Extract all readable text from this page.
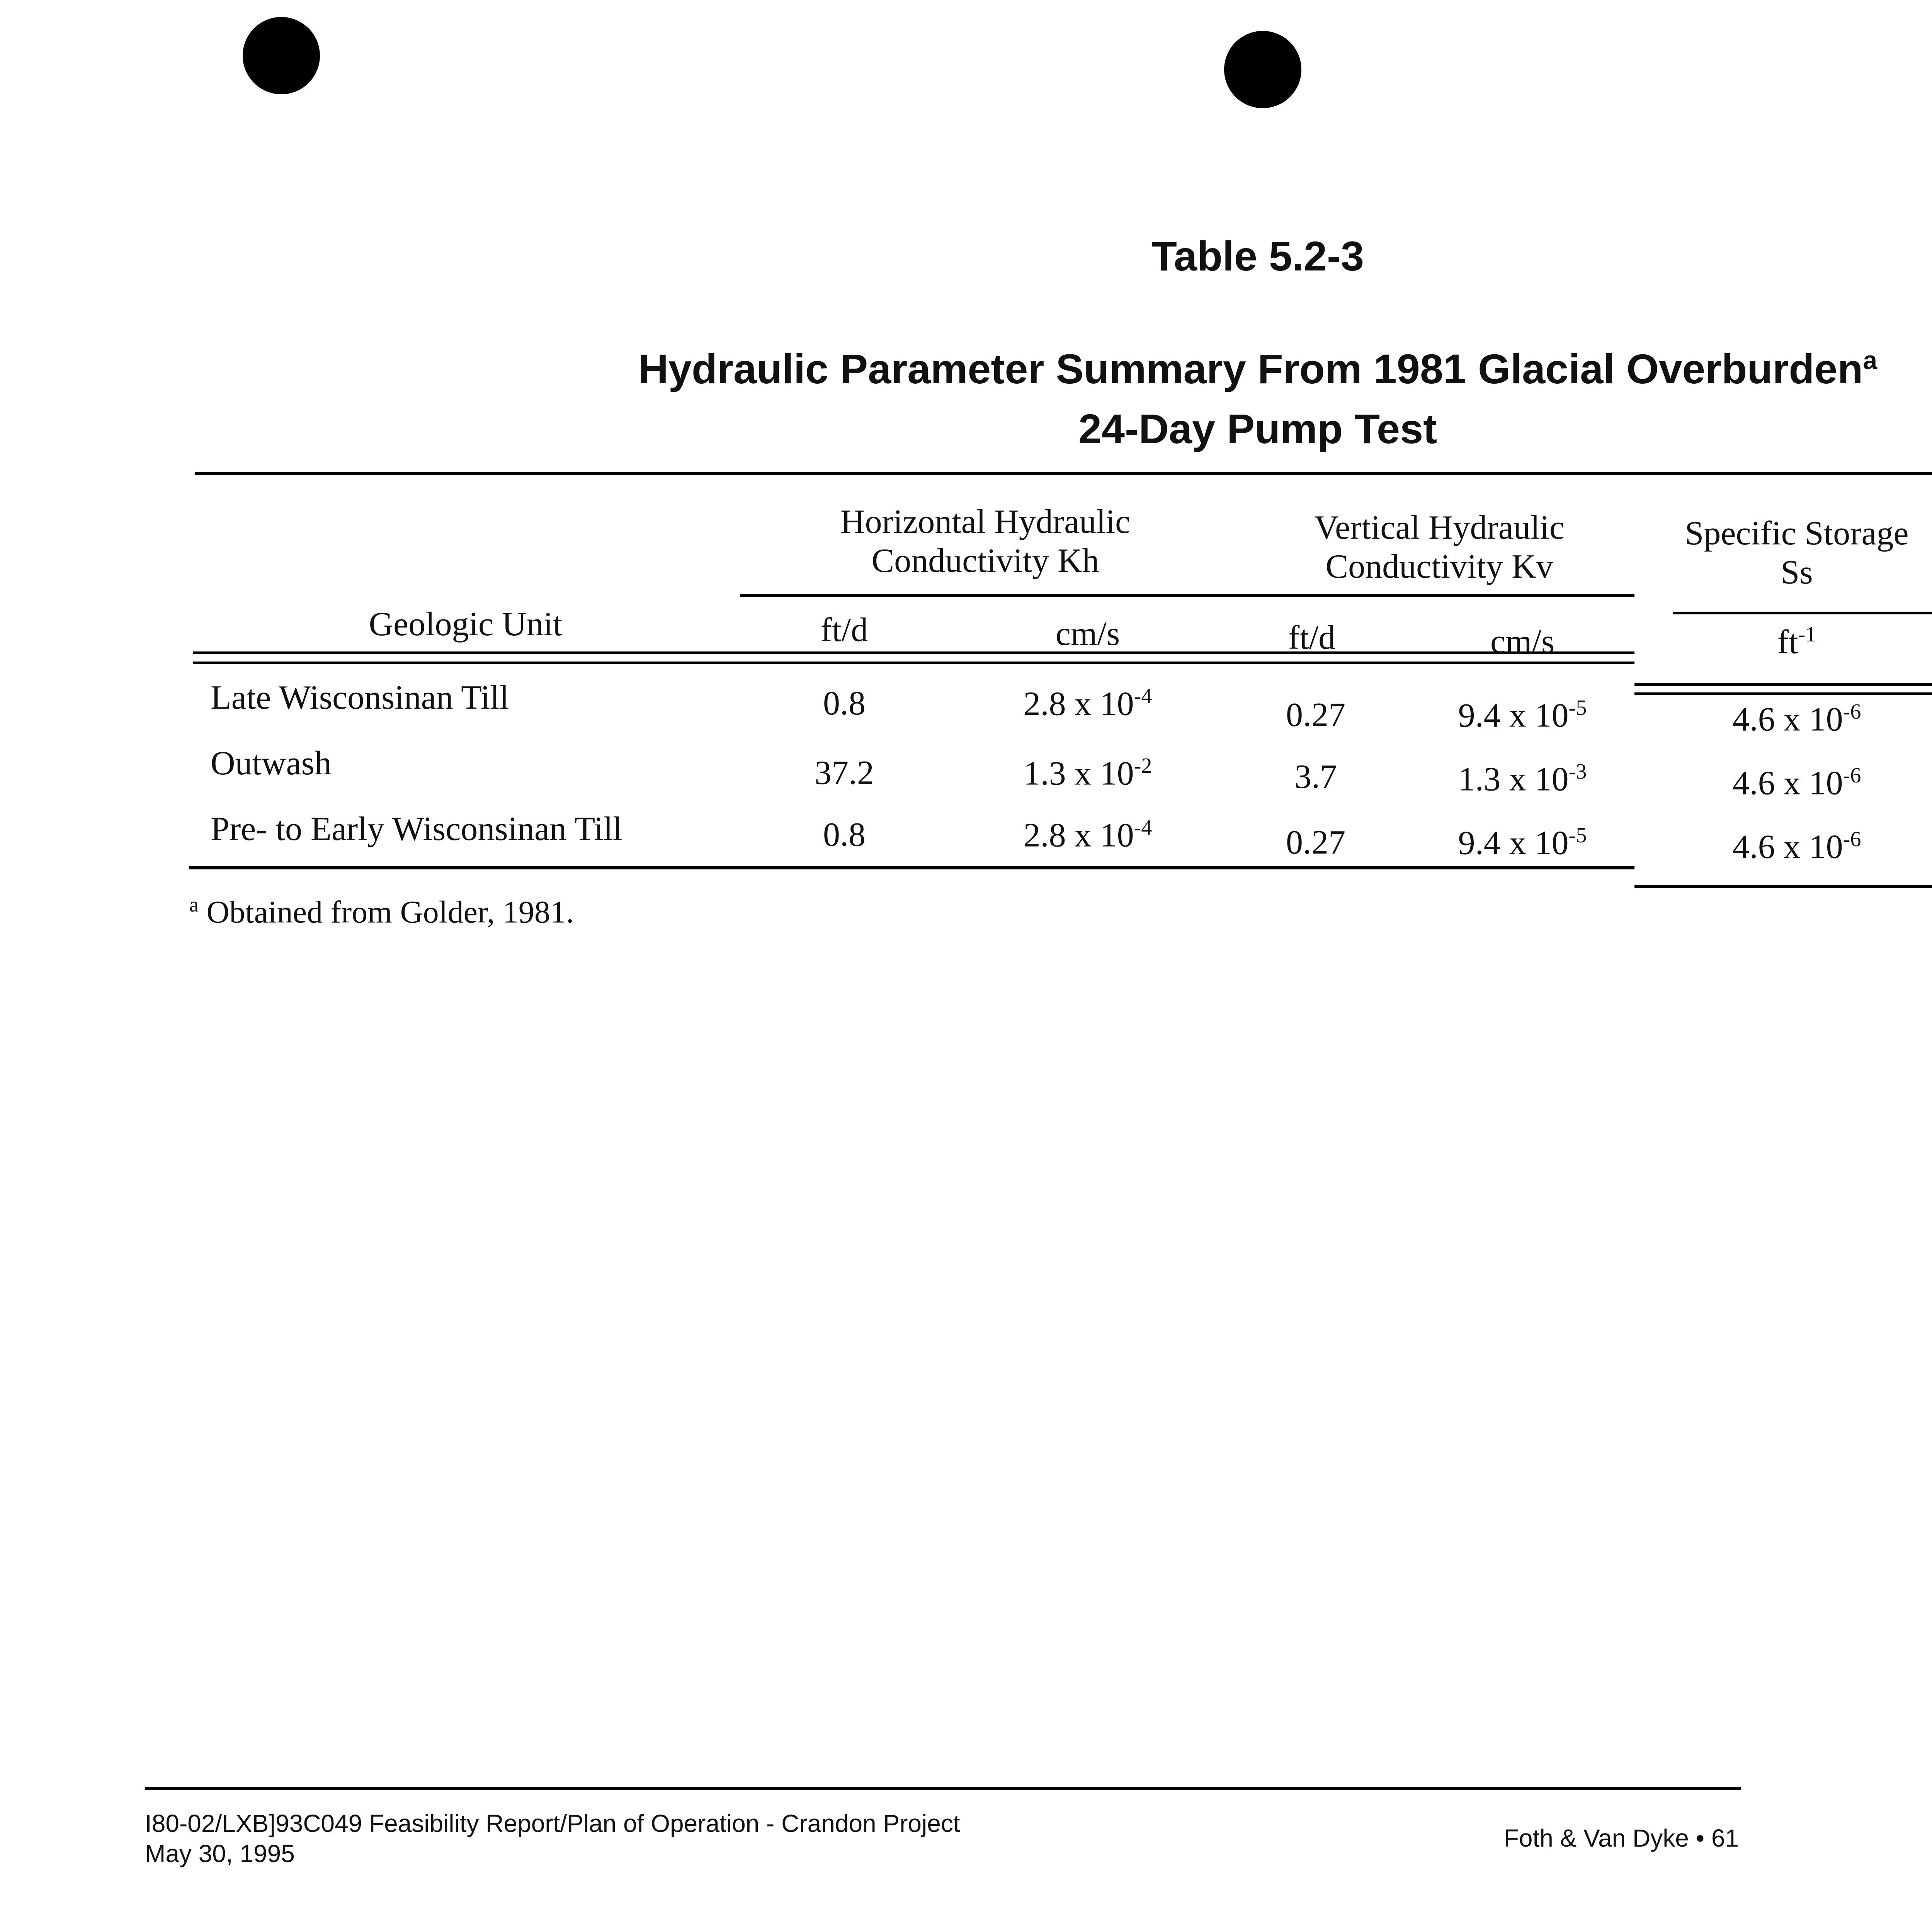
Table 5.2-3
Hydraulic Parameter Summary From 1981 Glacial Overburden$^a$
24-Day Pump Test
Horizontal Hydraulic
Conductivity Kh
Vertical Hydraulic
Conductivity Kv
Specific Storage
Ss
Geologic Unit	ft/d	cm/s	ft/d	cm/s	$ft^{-1}$
Late Wisconsinan Till	0.8	2.8 x $10^{-4}$	0.27	9.4 x $10^{-5}$	4.6 x $10^{-6}$
Outwash	37.2	1.3 x $10^{-2}$	3.7	1.3 x $10^{-3}$	4.6 x $10^{-6}$
Pre- to Early Wisconsinan Till	0.8	2.8 x $10^{-4}$	0.27	9.4 x $10^{-5}$	4.6 x $10^{-6}$
$^a$ Obtained from Golder, 1981.
I80-02/LXB]93C049 Feasibility Report/Plan of Operation - Crandon Project
May 30, 1995
Foth & Van Dyke • 61
